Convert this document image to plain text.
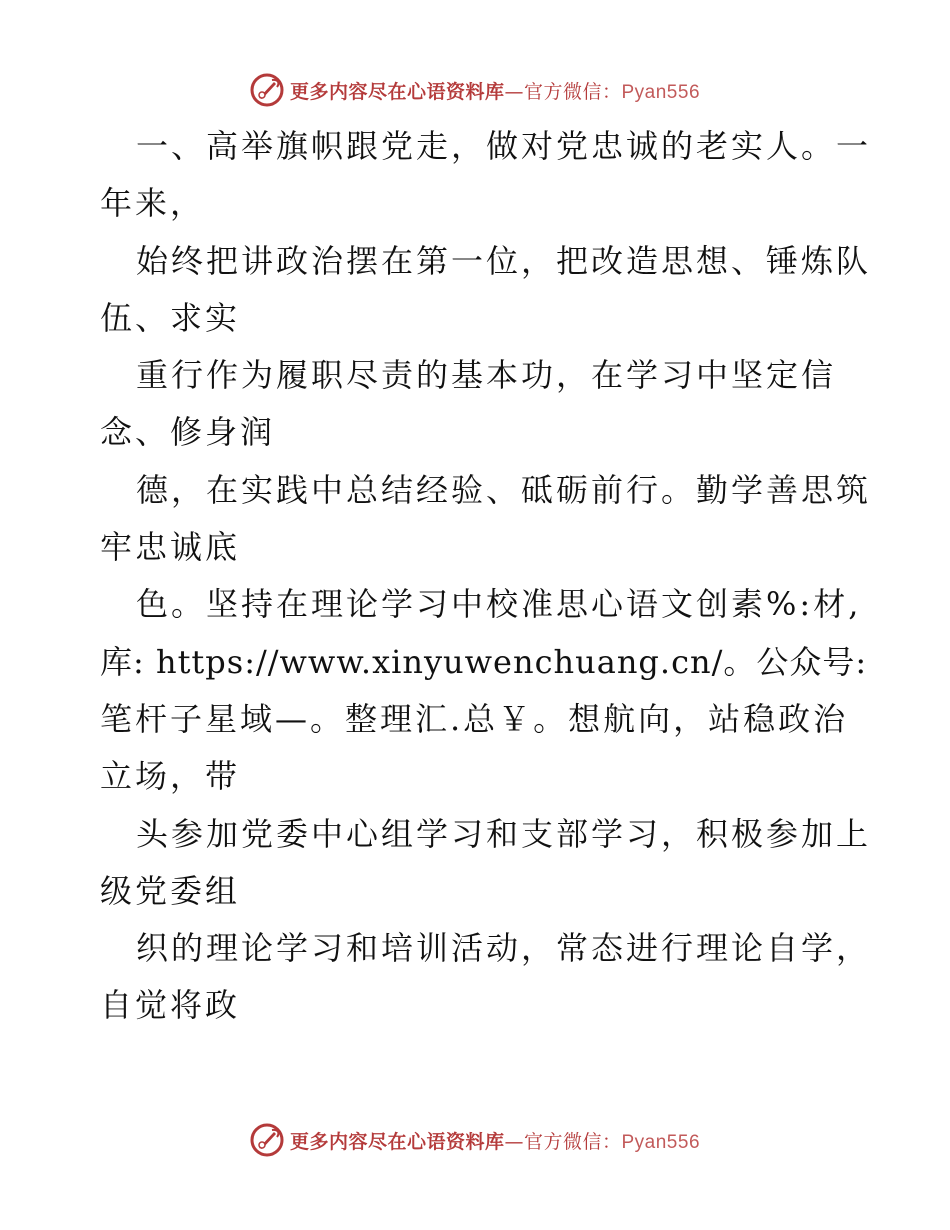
更多内容尽在心语资料库—官方微信：Pyan556
一、高举旗帜跟党走，做对党忠诚的老实人。一
年来，
始终把讲政治摆在第一位，把改造思想、锤炼队
伍、求实
重行作为履职尽责的基本功，在学习中坚定信
念、修身润
德，在实践中总结经验、砥砺前行。勤学善思筑
牢忠诚底
色。坚持在理论学习中校准思心语文创素%:材,
库: https://www.xinyuwenchuang.cn/。公众号:
笔杆子星域—。整理汇.总￥。想航向，站稳政治
立场，带
头参加党委中心组学习和支部学习，积极参加上
级党委组
织的理论学习和培训活动，常态进行理论自学，
自觉将政
更多内容尽在心语资料库—官方微信：Pyan556
